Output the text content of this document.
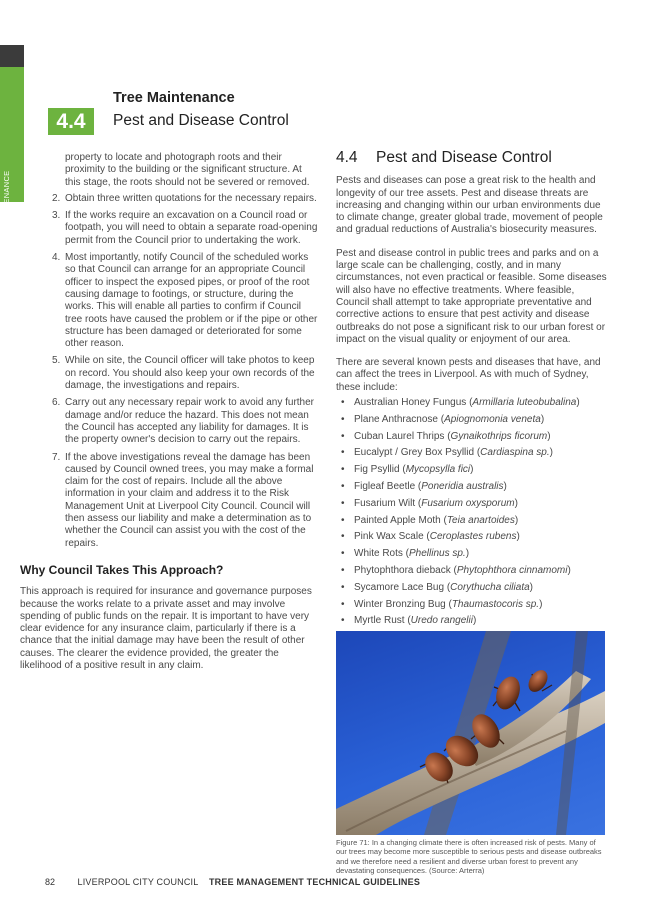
TREE MAINTENANCE
4.4
Tree Maintenance
Pest and Disease Control

property to locate and photograph roots and their proximity to the building or the significant structure. At this stage, the roots should not be severed or removed.

2. Obtain three written quotations for the necessary repairs.
3. If the works require an excavation on a Council road or footpath, you will need to obtain a separate road-opening permit from the Council prior to undertaking the work.
4. Most importantly, notify Council of the scheduled works so that Council can arrange for an appropriate Council officer to inspect the exposed pipes, or proof of the root causing damage to footings, or structure, during the works. This will enable all parties to confirm if Council tree roots have caused the problem or if the pipe or other structure has been damaged or deteriorated for some other reason.
5. While on site, the Council officer will take photos to keep on record. You should also keep your own records of the damage, the investigations and repairs.
6. Carry out any necessary repair work to avoid any further damage and/or reduce the hazard. This does not mean the Council has accepted any liability for damages. It is the property owner's decision to carry out the repairs.
7. If the above investigations reveal the damage has been caused by Council owned trees, you may make a formal claim for the cost of repairs. Include all the above information in your claim and address it to the Risk Management Unit at Liverpool City Council. Council will then assess our liability and make a determination as to whether the Council can assist you with the cost of the repairs.
Why Council Takes This Approach?

This approach is required for insurance and governance purposes because the works relate to a private asset and may involve spending of public funds on the repair. It is important to have very clear evidence for any insurance claim, particularly if there is a chance that the initial damage may have been the result of other causes. The clearer the evidence provided, the greater the likelihood of a positive result in any claim.

4.4 Pest and Disease Control

Pests and diseases can pose a great risk to the health and longevity of our tree assets. Pest and disease threats are increasing and changing within our urban environments due to climate change, greater global trade, movement of people and gradual reductions of Australia's biosecurity measures.

Pest and disease control in public trees and parks and on a large scale can be challenging, costly, and in many circumstances, not even practical or feasible. Some diseases will also have no effective treatments. Where feasible, Council shall attempt to take appropriate preventative and corrective actions to ensure that pest activity and disease outbreaks do not pose a significant risk to our urban forest or impact on the visual quality or enjoyment of our area.

There are several known pests and diseases that have, and can affect the trees in Liverpool. As with much of Sydney, these include:

• Australian Honey Fungus (Armillaria luteobubalina)
• Plane Anthracnose (Apiognomonia veneta)
• Cuban Laurel Thrips (Gynaikothrips ficorum)
• Eucalypt / Grey Box Psyllid (Cardiaspina sp.)
• Fig Psyllid (Mycopsylla fici)
• Figleaf Beetle (Poneridia australis)
• Fusarium Wilt (Fusarium oxysporum)
• Painted Apple Moth (Teia anartoides)
• Pink Wax Scale (Ceroplastes rubens)
• White Rots (Phellinus sp.)
• Phytophthora dieback (Phytophthora cinnamomi)
• Sycamore Lace Bug (Corythucha ciliata)
• Winter Bronzing Bug (Thaumastocoris sp.)
• Myrtle Rust (Uredo rangelii)
Figure 71: In a changing climate there is often increased risk of pests. Many of our trees may become more susceptible to serious pests and disease outbreaks and we therefore need a resilient and diverse urban forest to prevent any devastating consequences. (Source: Arterra)
82	LIVERPOOL CITY COUNCIL TREE MANAGEMENT TECHNICAL GUIDELINES
